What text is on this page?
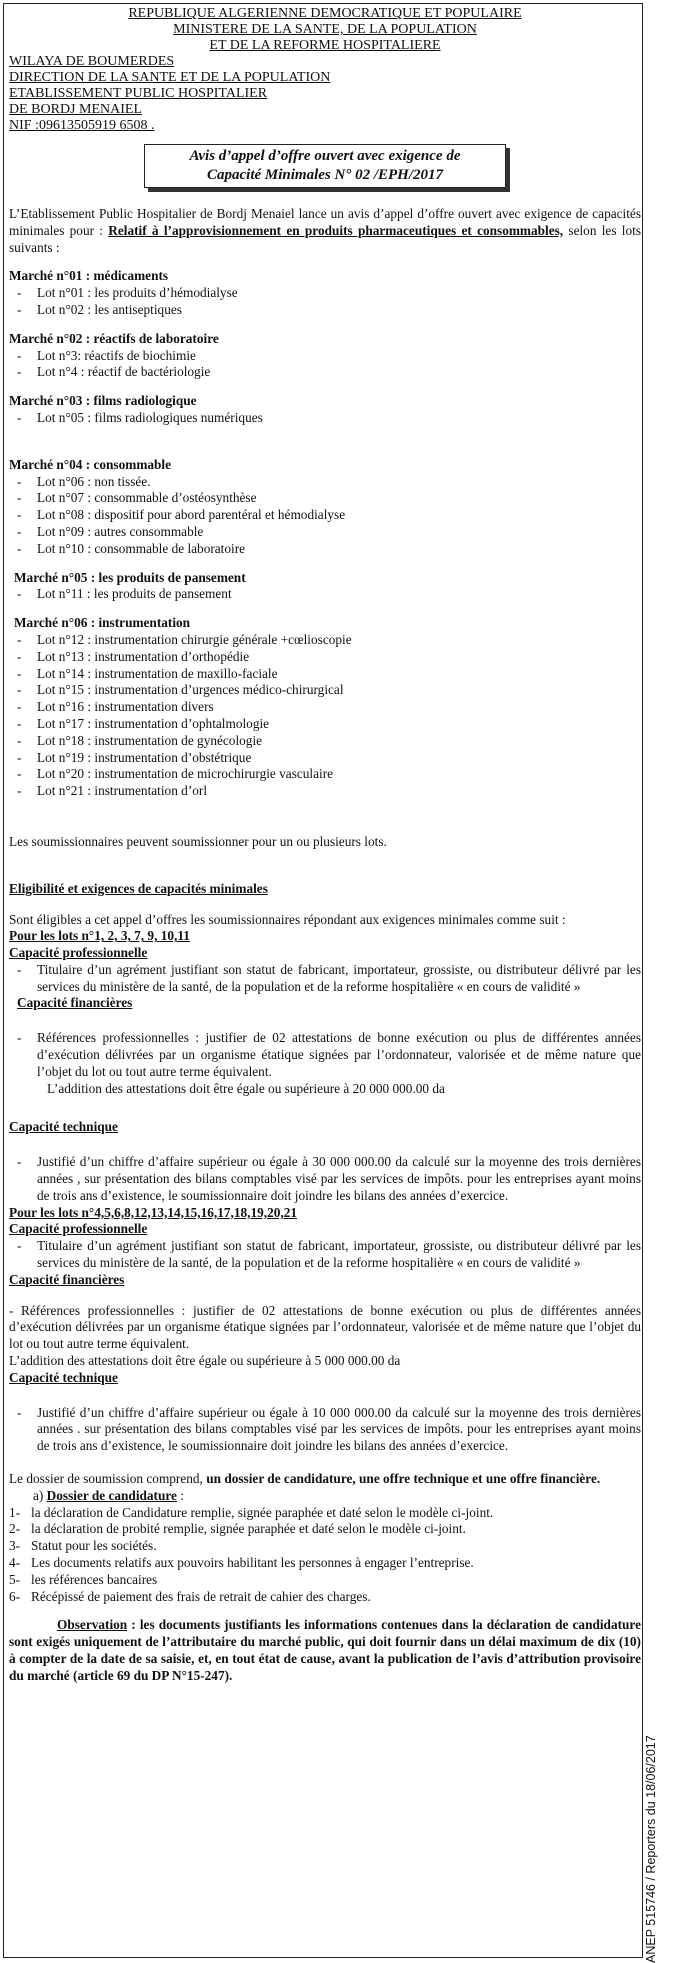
REPUBLIQUE ALGERIENNE DEMOCRATIQUE ET POPULAIRE
MINISTERE DE LA SANTE, DE LA POPULATION
ET DE LA REFORME HOSPITALIERE
WILAYA DE BOUMERDES
DIRECTION DE LA SANTE ET DE LA POPULATION
ETABLISSEMENT PUBLIC HOSPITALIER
DE BORDJ MENAIEL
NIF :09613505919 6508 .
Avis d’appel d’offre ouvert avec exigence de
Capacité Minimales N° 02 /EPH/2017

L’Etablissement Public Hospitalier de Bordj Menaiel lance un avis d’appel d’offre ouvert avec exigence de capacités minimales pour : Relatif à l’approvisionnement en produits pharmaceutiques et consommables, selon les lots suivants :

Marché n°01 : médicaments

- Lot n°01 : les produits d’hémodialyse

- Lot n°02 : les antiseptiques

Marché n°02 : réactifs de laboratoire

- Lot n°3: réactifs de biochimie

- Lot n°4 : réactif de bactériologie

Marché n°03 : films radiologique

- Lot n°05 : films radiologiques numériques

Marché n°04 : consommable

- Lot n°06 : non tissée.

- Lot n°07 : consommable d’ostéosynthèse

- Lot n°08 : dispositif pour abord parentéral et hémodialyse

- Lot n°09 : autres consommable

- Lot n°10 : consommable de laboratoire

Marché n°05 : les produits de pansement

- Lot n°11 : les produits de pansement

Marché n°06 : instrumentation

- Lot n°12 : instrumentation chirurgie générale +cœlioscopie

- Lot n°13 : instrumentation d’orthopédie

- Lot n°14 : instrumentation de maxillo-faciale

- Lot n°15 : instrumentation d’urgences médico-chirurgical

- Lot n°16 : instrumentation divers

- Lot n°17 : instrumentation d’ophtalmologie

- Lot n°18 : instrumentation de gynécologie

- Lot n°19 : instrumentation d’obstétrique

- Lot n°20 : instrumentation de microchirurgie vasculaire

- Lot n°21 : instrumentation d’orl

Les soumissionnaires peuvent soumissionner pour un ou plusieurs lots.

Eligibilité et exigences de capacités minimales

Sont éligibles a cet appel d’offres les soumissionnaires répondant aux exigences minimales comme suit :

Pour les lots n°1, 2, 3, 7, 9, 10,11

Capacité professionnelle

- Titulaire d’un agrément justifiant son statut de fabricant, importateur, grossiste, ou distributeur délivré par les services du ministère de la santé, de la population et de la reforme hospitalière « en cours de validité »

Capacité financières

- Références professionnelles : justifier de 02 attestations de bonne exécution ou plus de différentes années d’exécution délivrées par un organisme étatique signées par l’ordonnateur, valorisée et de même nature que l’objet du lot ou tout autre terme équivalent.

L’addition des attestations doit être égale ou supérieure à 20 000 000.00 da

Capacité technique

- Justifié d’un chiffre d’affaire supérieur ou égale à 30 000 000.00 da calculé sur la moyenne des trois dernières années , sur présentation des bilans comptables visé par les services de impôts. pour les entreprises ayant moins de trois ans d’existence, le soumissionnaire doit joindre les bilans des années d’exercice.

Pour les lots n°4,5,6,8,12,13,14,15,16,17,18,19,20,21

Capacité professionnelle

- Titulaire d’un agrément justifiant son statut de fabricant, importateur, grossiste, ou distributeur délivré par les services du ministère de la santé, de la population et de la reforme hospitalière « en cours de validité »

Capacité financières

- Références professionnelles : justifier de 02 attestations de bonne exécution ou plus de différentes années d’exécution délivrées par un organisme étatique signées par l’ordonnateur, valorisée et de même nature que l’objet du lot ou tout autre terme équivalent.

L’addition des attestations doit être égale ou supérieure à 5 000 000.00 da

Capacité technique

- Justifié d’un chiffre d’affaire supérieur ou égale à 10 000 000.00 da calculé sur la moyenne des trois dernières années . sur présentation des bilans comptables visé par les services de impôts. pour les entreprises ayant moins de trois ans d’existence, le soumissionnaire doit joindre les bilans des années d’exercice.

Le dossier de soumission comprend, un dossier de candidature, une offre technique et une offre financière.

a) Dossier de candidature :

1- la déclaration de Candidature remplie, signée paraphée et daté selon le modèle ci-joint.
2- la déclaration de probité remplie, signée paraphée et daté selon le modèle ci-joint.
3- Statut pour les sociétés.
4- Les documents relatifs aux pouvoirs habilitant les personnes à engager l’entreprise.
5- les références bancaires
6- Récépissé de paiement des frais de retrait de cahier des charges.

Observation : les documents justifiants les informations contenues dans la déclaration de candidature sont exigés uniquement de l’attributaire du marché public, qui doit fournir dans un délai maximum de dix (10) à compter de la date de sa saisie, et, en tout état de cause, avant la publication de l’avis d’attribution provisoire du marché (article 69 du DP N°15-247).

ANEP 515746 / Reporters du 18/06/2017
